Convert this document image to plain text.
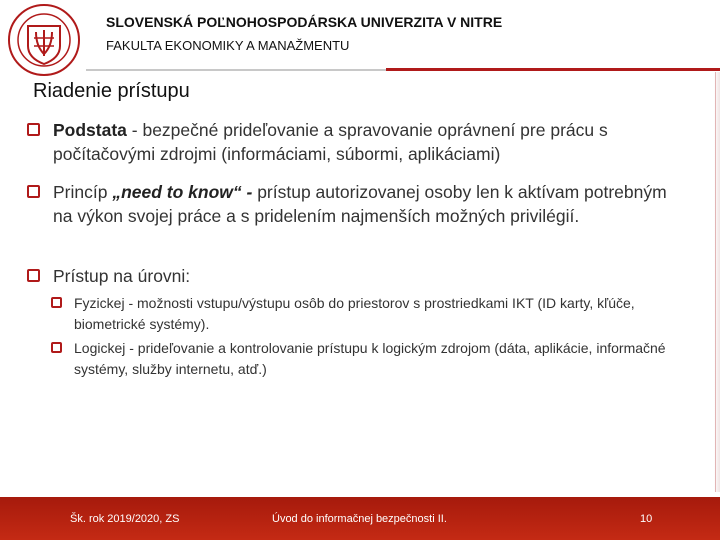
SLOVENSKÁ POĽNOHOSPODÁRSKA UNIVERZITA V NITRE
FAKULTA EKONOMIKY A MANAŽMENTU
Riadenie prístupu
Podstata - bezpečné prideľovanie a spravovanie oprávnení pre prácu s počítačovými zdrojmi (informáciami, súbormi, aplikáciami)
Princíp „need to know“ - prístup autorizovanej osoby len k aktívam potrebným na výkon svojej práce a s pridelením najmenších možných privilégií.
Prístup na úrovni:
Fyzickej - možnosti vstupu/výstupu osôb do priestorov s prostriedkami IKT (ID karty, kľúče, biometrické systémy).
Logickej - prideľovanie a kontrolovanie prístupu k logickým zdrojom (dáta, aplikácie, informačné systémy, služby internetu, atď.)
Šk. rok 2019/2020, ZS	Úvod do informačnej bezpečnosti II.	10
